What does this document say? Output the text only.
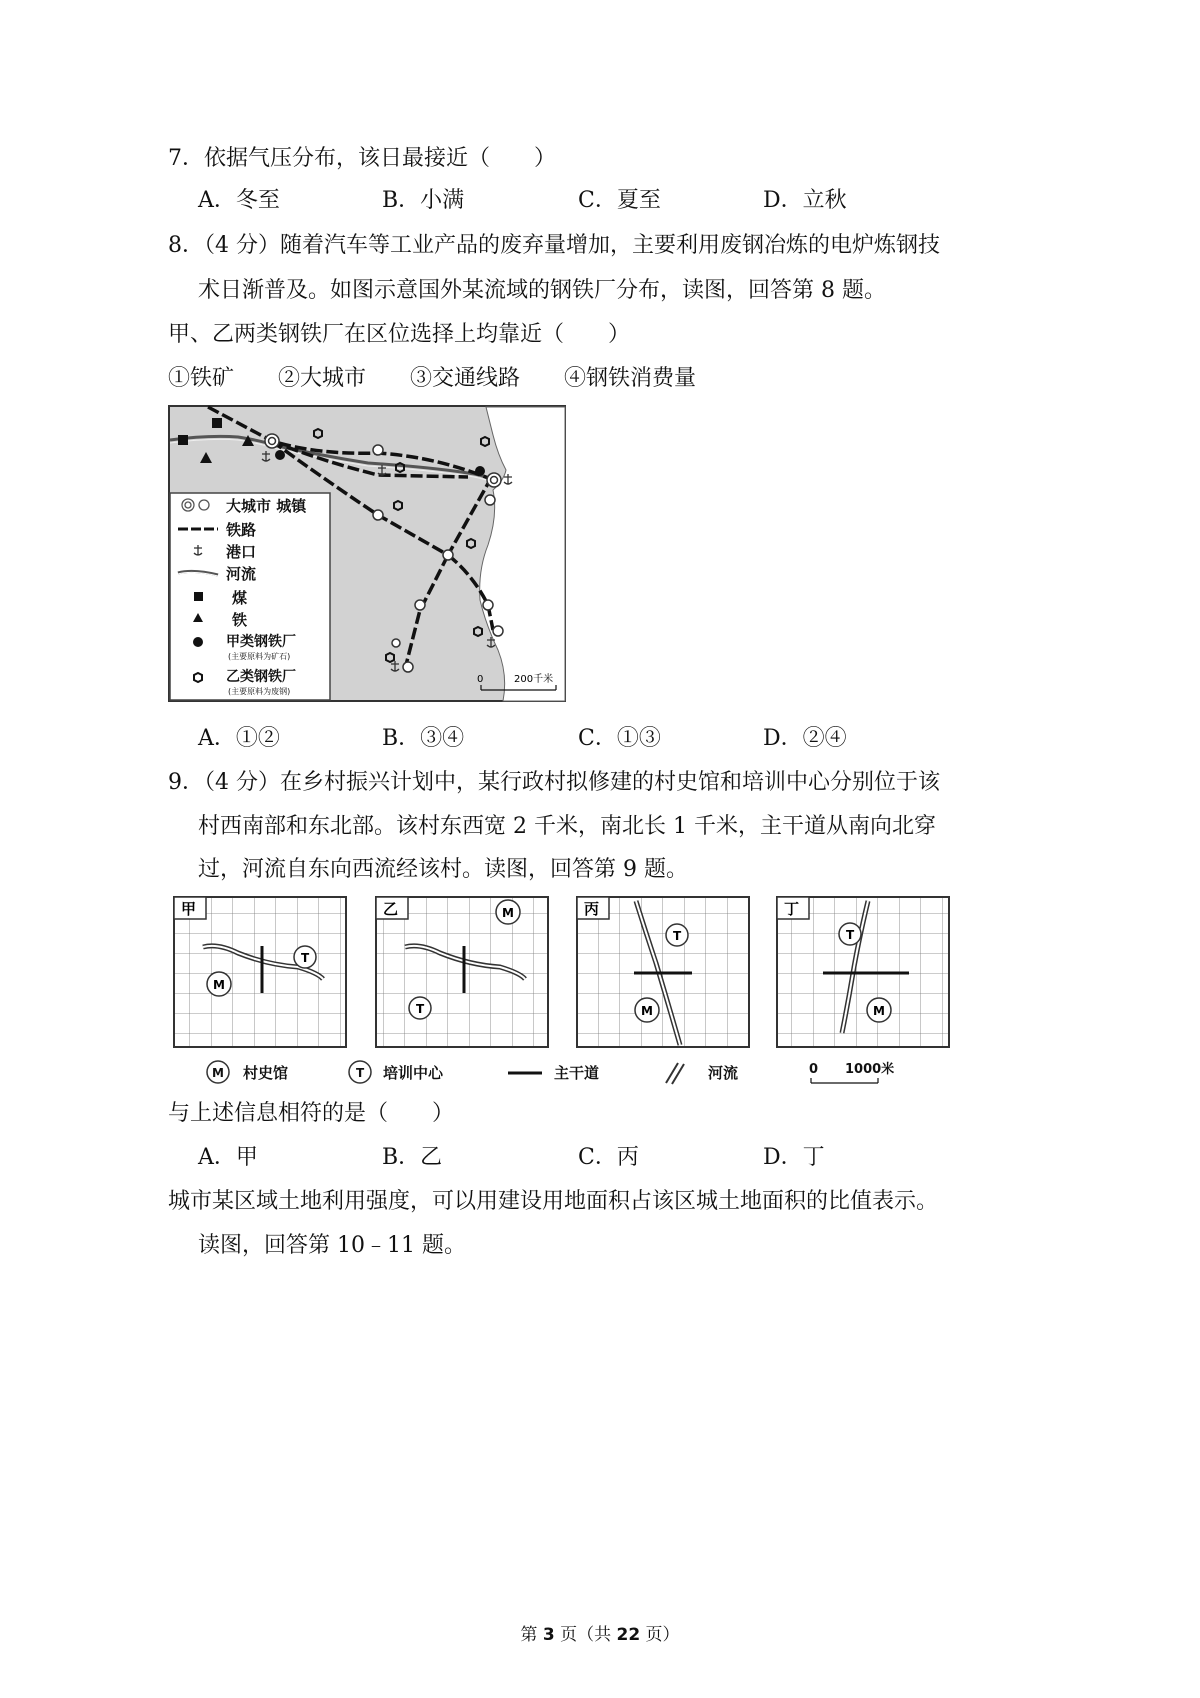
7．依据气压分布，该日最接近（　　）
A．冬至	B．小满	C．夏至	D．立秋
8．（4 分）随着汽车等工业产品的废弃量增加，主要利用废钢冶炼的电炉炼钢技
术日渐普及。如图示意国外某流域的钢铁厂分布，读图，回答第 8 题。
甲、乙两类钢铁厂在区位选择上均靠近（　　）
①铁矿　　②大城市　　③交通线路　　④钢铁消费量
大城市 城镇
铁路
港口
河流
煤
铁
甲类钢铁厂
(主要原料为矿石)
乙类钢铁厂
(主要原料为废钢)
0	200千米
A．①②	B．③④	C．①③	D．②④
9．（4 分）在乡村振兴计划中，某行政村拟修建的村史馆和培训中心分别位于该
村西南部和东北部。该村东西宽 2 千米，南北长 1 千米，主干道从南向北穿
过，河流自东向西流经该村。读图，回答第 9 题。
甲
M
T
乙	M
T
丙
T
M
丁
T
M
M 村史馆	T 培训中心	主干道	河流	0 1000米
与上述信息相符的是（　　）
A．甲	B．乙	C．丙	D．丁
城市某区域土地利用强度，可以用建设用地面积占该区城土地面积的比值表示。
读图，回答第 10﹣11 题。
第 3 页（共 22 页）
